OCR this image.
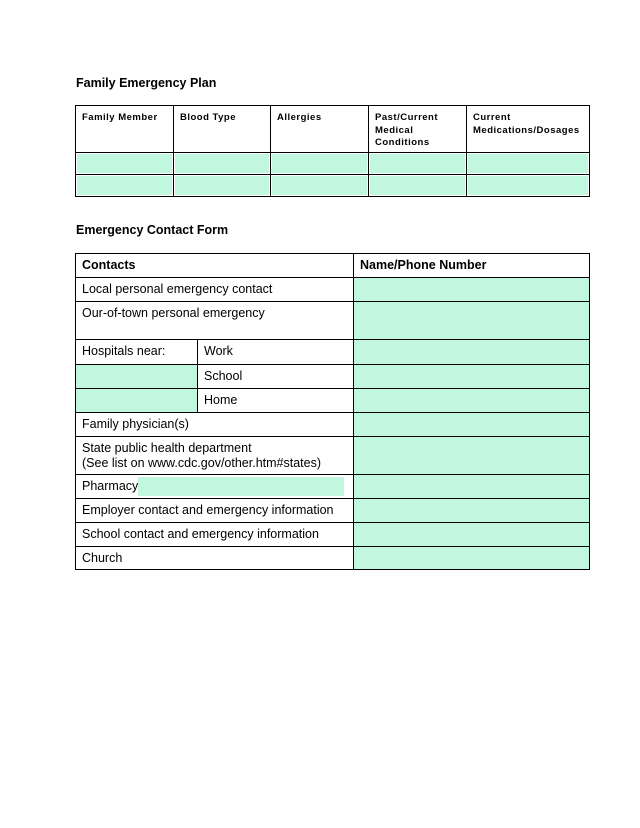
Family Emergency Plan
Family Member	Blood Type	Allergies	Past/Current Medical Conditions	Current Medications/Dosages

Emergency Contact Form
Contacts		Name/Phone Number
Local personal emergency contact		
Our-of-town personal emergency		
Hospitals near:	Work	
	School	
	Home	
Family physician(s)		

State public health department
(See list on www.cdc.gov/other.htm#states)		

Pharmacy		
Employer contact and emergency information		
School contact and emergency information		
Church		
